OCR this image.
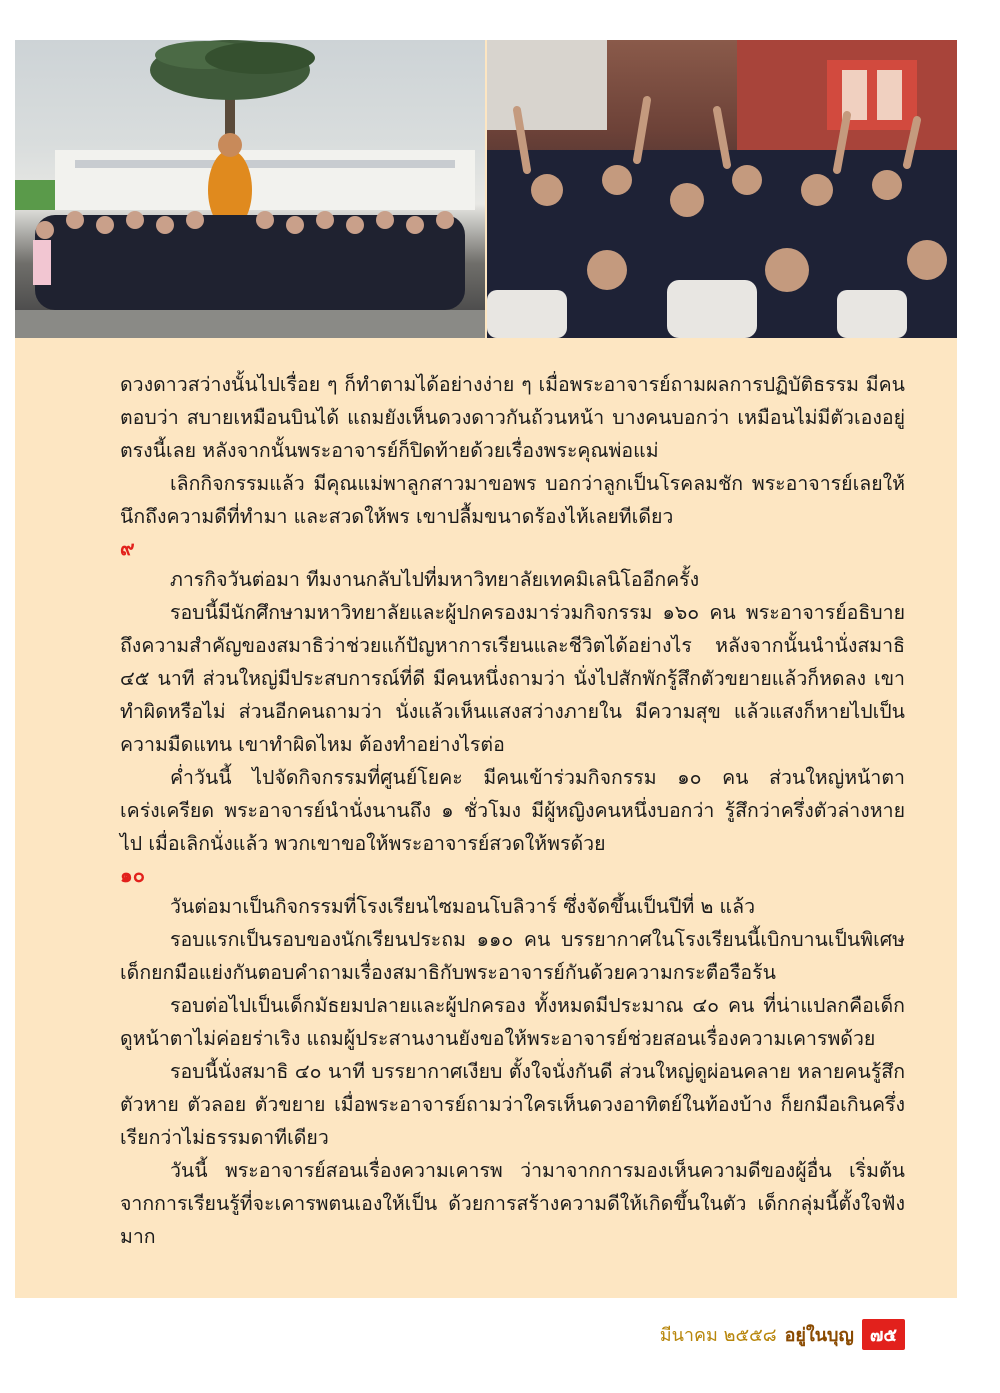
ดวงดาวสว่างนั้นไปเรื่อย ๆ ก็ทำตามได้อย่างง่าย ๆ เมื่อพระอาจารย์ถามผลการปฏิบัติธรรม มีคนตอบว่า สบายเหมือนบินได้ แถมยังเห็นดวงดาวกันถ้วนหน้า บางคนบอกว่า เหมือนไม่มีตัวเองอยู่ตรงนี้เลย หลังจากนั้นพระอาจารย์ก็ปิดท้ายด้วยเรื่องพระคุณพ่อแม่

เลิกกิจกรรมแล้ว มีคุณแม่พาลูกสาวมาขอพร บอกว่าลูกเป็นโรคลมชัก พระอาจารย์เลยให้นึกถึงความดีที่ทำมา และสวดให้พร เขาปลื้มขนาดร้องไห้เลยทีเดียว

๙

ภารกิจวันต่อมา ทีมงานกลับไปที่มหาวิทยาลัยเทคมิเลนิโออีกครั้ง

รอบนี้มีนักศึกษามหาวิทยาลัยและผู้ปกครองมาร่วมกิจกรรม ๑๖๐ คน พระอาจารย์อธิบายถึงความสำคัญของสมาธิว่าช่วยแก้ปัญหาการเรียนและชีวิตได้อย่างไร หลังจากนั้นนำนั่งสมาธิ ๔๕ นาที ส่วนใหญ่มีประสบการณ์ที่ดี มีคนหนึ่งถามว่า นั่งไปสักพักรู้สึกตัวขยายแล้วก็หดลง เขาทำผิดหรือไม่ ส่วนอีกคนถามว่า นั่งแล้วเห็นแสงสว่างภายใน มีความสุข แล้วแสงก็หายไปเป็นความมืดแทน เขาทำผิดไหม ต้องทำอย่างไรต่อ

ค่ำวันนี้ ไปจัดกิจกรรมที่ศูนย์โยคะ มีคนเข้าร่วมกิจกรรม ๑๐ คน ส่วนใหญ่หน้าตาเคร่งเครียด พระอาจารย์นำนั่งนานถึง ๑ ชั่วโมง มีผู้หญิงคนหนึ่งบอกว่า รู้สึกว่าครึ่งตัวล่างหายไป เมื่อเลิกนั่งแล้ว พวกเขาขอให้พระอาจารย์สวดให้พรด้วย

๑๐

วันต่อมาเป็นกิจกรรมที่โรงเรียนไซมอนโบลิวาร์ ซึ่งจัดขึ้นเป็นปีที่ ๒ แล้ว

รอบแรกเป็นรอบของนักเรียนประถม ๑๑๐ คน บรรยากาศในโรงเรียนนี้เบิกบานเป็นพิเศษ เด็กยกมือแย่งกันตอบคำถามเรื่องสมาธิกับพระอาจารย์กันด้วยความกระตือรือร้น

รอบต่อไปเป็นเด็กมัธยมปลายและผู้ปกครอง ทั้งหมดมีประมาณ ๔๐ คน ที่น่าแปลกคือเด็กดูหน้าตาไม่ค่อยร่าเริง แถมผู้ประสานงานยังขอให้พระอาจารย์ช่วยสอนเรื่องความเคารพด้วย

รอบนี้นั่งสมาธิ ๔๐ นาที บรรยากาศเงียบ ตั้งใจนั่งกันดี ส่วนใหญ่ดูผ่อนคลาย หลายคนรู้สึกตัวหาย ตัวลอย ตัวขยาย เมื่อพระอาจารย์ถามว่าใครเห็นดวงอาทิตย์ในท้องบ้าง ก็ยกมือเกินครึ่ง เรียกว่าไม่ธรรมดาทีเดียว

วันนี้ พระอาจารย์สอนเรื่องความเคารพ ว่ามาจากการมองเห็นความดีของผู้อื่น เริ่มต้นจากการเรียนรู้ที่จะเคารพตนเองให้เป็น ด้วยการสร้างความดีให้เกิดขึ้นในตัว เด็กกลุ่มนี้ตั้งใจฟังมาก

มีนาคม ๒๕๕๘ อยู่ในบุญ ๗๕
